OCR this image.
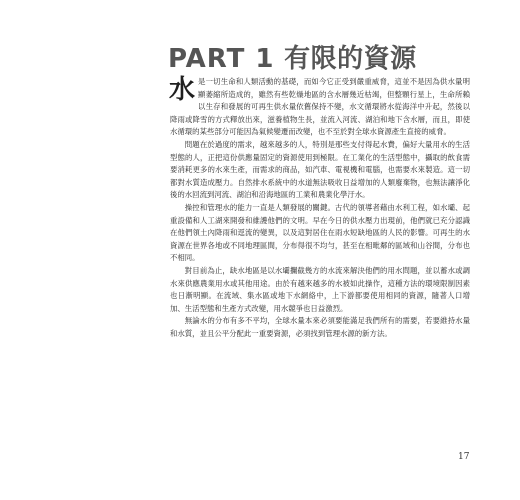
PART 1 有限的資源

水 是一切生命和人類活動的基礎，而如今它正受到嚴重威脅，這並不是因為供水量明顯萎縮所造成的，雖然有些乾燥地區的含水層幾近枯竭，但整顆行星上，生命所賴以生存和發展的可再生供水量依舊保持不變，水文循環將水從海洋中升起，然後以降雨或降雪的方式釋放出來，滋養植物生長，並流入河流、湖泊和地下含水層，而且，即使水循環的某些部分可能因為氣候變遷而改變，也不至於對全球水資源產生直接的威脅。

問題在於過度的需求，越來越多的人，特別是那些支付得起水費，偏好大量用水的生活型態的人，正把這份供應量固定的資源使用到極限。在工業化的生活型態中，攝取的飲食需要消耗更多的水來生產，而需求的商品，如汽車、電視機和電腦，也需要水來製造。這一切都對水質造成壓力。自然排水系統中的水道無法吸收日益增加的人類廢棄物，也無法讓淨化後的水回流到河流、湖泊和沿海地區的工業和農業化學汙水。

操控和管理水的能力一直是人類發展的關鍵。古代的領導者藉由水利工程，如水壩、起重設備和人工湖來開發和維護他們的文明。早在今日的供水壓力出現前，他們就已充分認識在他們領土內降雨和逕流的變異，以及這對居住在雨水短缺地區的人民的影響。可再生的水資源在世界各地或不同地理區間，分布得很不均勻，甚至在相毗鄰的區域和山谷間，分布也不相同。

對目前為止，缺水地區是以水壩攔截幾方的水流來解決他們的用水問題，並以蓄水或調水來供應農業用水或其他用途。由於有越來越多的水被如此操作，這種方法的環境限制因素也日漸明顯。在流域、集水區或地下水網絡中，上下游都要使用相同的資源，隨著人口增加、生活型態和生產方式改變，用水競爭也日益激烈。

無論水的分布有多不平均，全球水量本來必須要能滿足我們所有的需要，若要維持水量和水質，並且公平分配此一重要資源，必須找到管理水源的新方法。

17
